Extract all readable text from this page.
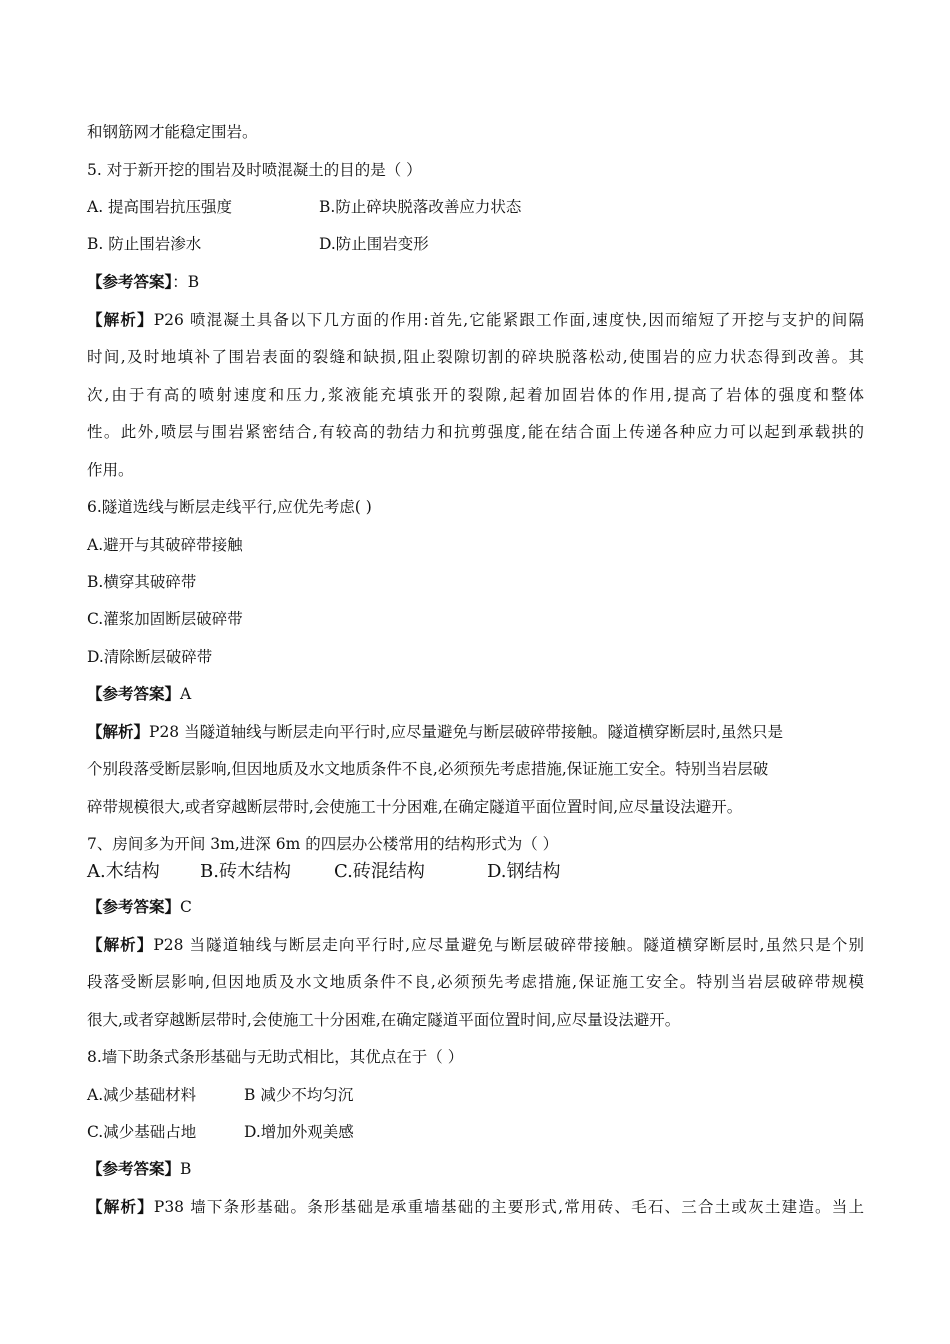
和钢筋网才能稳定围岩。
5. 对于新开挖的围岩及时喷混凝土的目的是（ ）
A. 提高围岩抗压强度	B.防止碎块脱落改善应力状态
B. 防止围岩渗水	D.防止围岩变形
【参考答案】：B
【解析】P26 喷混凝土具备以下几方面的作用:首先,它能紧跟工作面,速度快,因而缩短了开挖与支护的间隔
时间,及时地填补了围岩表面的裂缝和缺损,阻止裂隙切割的碎块脱落松动,使围岩的应力状态得到改善。其
次,由于有高的喷射速度和压力,浆液能充填张开的裂隙,起着加固岩体的作用,提高了岩体的强度和整体
性。此外,喷层与围岩紧密结合,有较高的勃结力和抗剪强度,能在结合面上传递各种应力可以起到承载拱的
作用。
6.隧道选线与断层走线平行,应优先考虑( )
A.避开与其破碎带接触
B.横穿其破碎带
C.灌浆加固断层破碎带
D.清除断层破碎带
【参考答案】A
【解析】P28 当隧道轴线与断层走向平行时,应尽量避免与断层破碎带接触。隧道横穿断层时,虽然只是
个别段落受断层影响,但因地质及水文地质条件不良,必须预先考虑措施,保证施工安全。特别当岩层破
碎带规模很大,或者穿越断层带时,会使施工十分困难,在确定隧道平面位置时间,应尽量设法避开。
7、房间多为开间 3m,进深 6m 的四层办公楼常用的结构形式为（ ）
A.木结构 B.砖木结构 C.砖混结构	D.钢结构
【参考答案】C
【解析】P28 当隧道轴线与断层走向平行时,应尽量避免与断层破碎带接触。隧道横穿断层时,虽然只是个别
段落受断层影响,但因地质及水文地质条件不良,必须预先考虑措施,保证施工安全。特别当岩层破碎带规模
很大,或者穿越断层带时,会使施工十分困难,在确定隧道平面位置时间,应尽量设法避开。
8.墙下助条式条形基础与无助式相比，其优点在于（ ）
A.减少基础材料	B 减少不均匀沉
C.减少基础占地	D.增加外观美感
【参考答案】B
【解析】P38 墙下条形基础。条形基础是承重墙基础的主要形式,常用砖、毛石、三合土或灰土建造。当上
